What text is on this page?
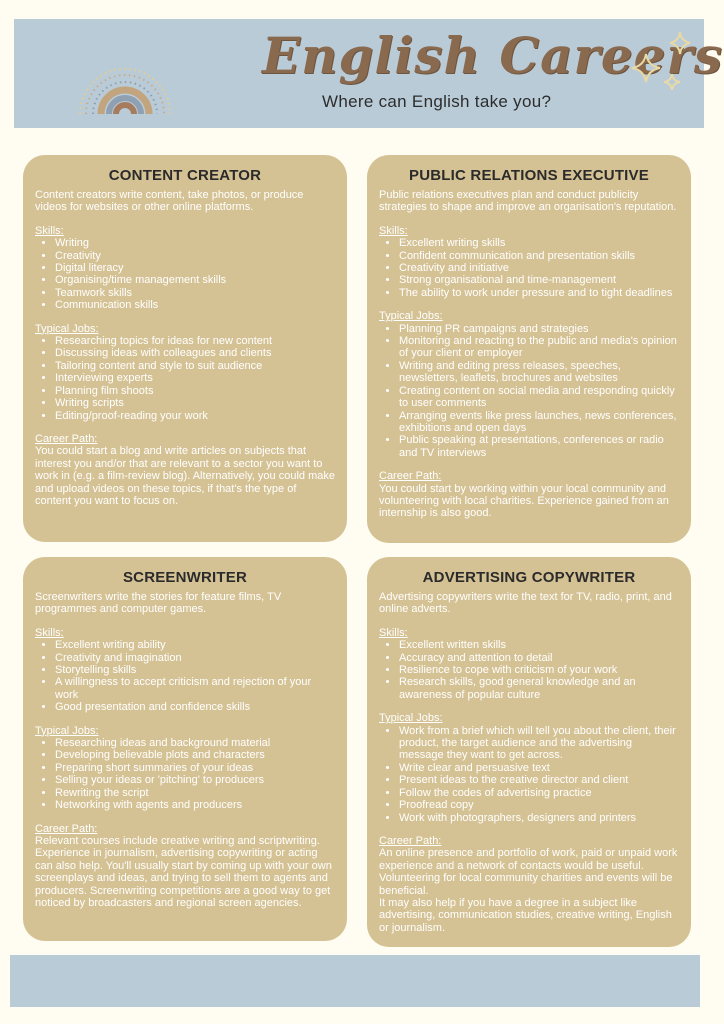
English Careers
Where can English take you?
CONTENT CREATOR

Content creators write content, take photos, or produce videos for websites or other online platforms.

Skills:
• Writing
• Creativity
• Digital literacy
• Organising/time management skills
• Teamwork skills
• Communication skills
Typical Jobs:
• Researching topics for ideas for new content
• Discussing ideas with colleagues and clients
• Tailoring content and style to suit audience
• Interviewing experts
• Planning film shoots
• Writing scripts
• Editing/proof-reading your work
Career Path:

You could start a blog and write articles on subjects that interest you and/or that are relevant to a sector you want to work in (e.g. a film-review blog). Alternatively, you could make and upload videos on these topics, if that's the type of content you want to focus on.

PUBLIC RELATIONS EXECUTIVE

Public relations executives plan and conduct publicity strategies to shape and improve an organisation's reputation.

Skills:
• Excellent writing skills
• Confident communication and presentation skills
• Creativity and initiative
• Strong organisational and time-management
• The ability to work under pressure and to tight deadlines
Typical Jobs:
• Planning PR campaigns and strategies
• Monitoring and reacting to the public and media's opinion of your client or employer
• Writing and editing press releases, speeches, newsletters, leaflets, brochures and websites
• Creating content on social media and responding quickly to user comments
• Arranging events like press launches, news conferences, exhibitions and open days
• Public speaking at presentations, conferences or radio and TV interviews
Career Path:

You could start by working within your local community and volunteering with local charities. Experience gained from an internship is also good.

SCREENWRITER

Screenwriters write the stories for feature films, TV programmes and computer games.

Skills:
• Excellent writing ability
• Creativity and imagination
• Storytelling skills
• A willingness to accept criticism and rejection of your work
• Good presentation and confidence skills
Typical Jobs:
• Researching ideas and background material
• Developing believable plots and characters
• Preparing short summaries of your ideas
• Selling your ideas or 'pitching' to producers
• Rewriting the script
• Networking with agents and producers
Career Path:

Relevant courses include creative writing and scriptwriting. Experience in journalism, advertising copywriting or acting can also help. You'll usually start by coming up with your own screenplays and ideas, and trying to sell them to agents and producers. Screenwriting competitions are a good way to get noticed by broadcasters and regional screen agencies.

ADVERTISING COPYWRITER

Advertising copywriters write the text for TV, radio, print, and online adverts.

Skills:
• Excellent written skills
• Accuracy and attention to detail
• Resilience to cope with criticism of your work
• Research skills, good general knowledge and an awareness of popular culture
Typical Jobs:
• Work from a brief which will tell you about the client, their product, the target audience and the advertising message they want to get across.
• Write clear and persuasive text
• Present ideas to the creative director and client
• Follow the codes of advertising practice
• Proofread copy
• Work with photographers, designers and printers
Career Path:

An online presence and portfolio of work, paid or unpaid work experience and a network of contacts would be useful. Volunteering for local community charities and events will be beneficial.
It may also help if you have a degree in a subject like advertising, communication studies, creative writing, English or journalism.
